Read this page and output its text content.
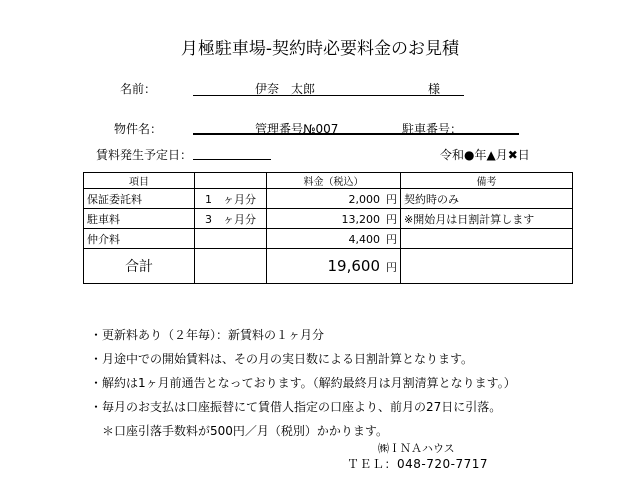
月極駐車場-契約時必要料金のお見積
名前：	伊奈　太郎	様
物件名：	管理番号№007	駐車番号：
賃料発生予定日：	令和●年▲月✖日
項目		料金（税込）	備考
保証委託料	1　ヶ月分	2,000 円	契約時のみ
駐車料	3　ヶ月分	13,200 円	※開始月は日割計算します
仲介料		4,400 円	
合計		19,600 円	
・更新料あり（２年毎）：新賃料の１ヶ月分
・月途中での開始賃料は、その月の実日数による日割計算となります。
・解約は1ヶ月前通告となっております。（解約最終月は月割清算となります。）
・毎月のお支払は口座振替にて賃借人指定の口座より、前月の27日に引落。
　＊口座引落手数料が500円／月（税別）かかります。
㈱ＩＮＡハウス
ＴＥＬ：048-720-7717
